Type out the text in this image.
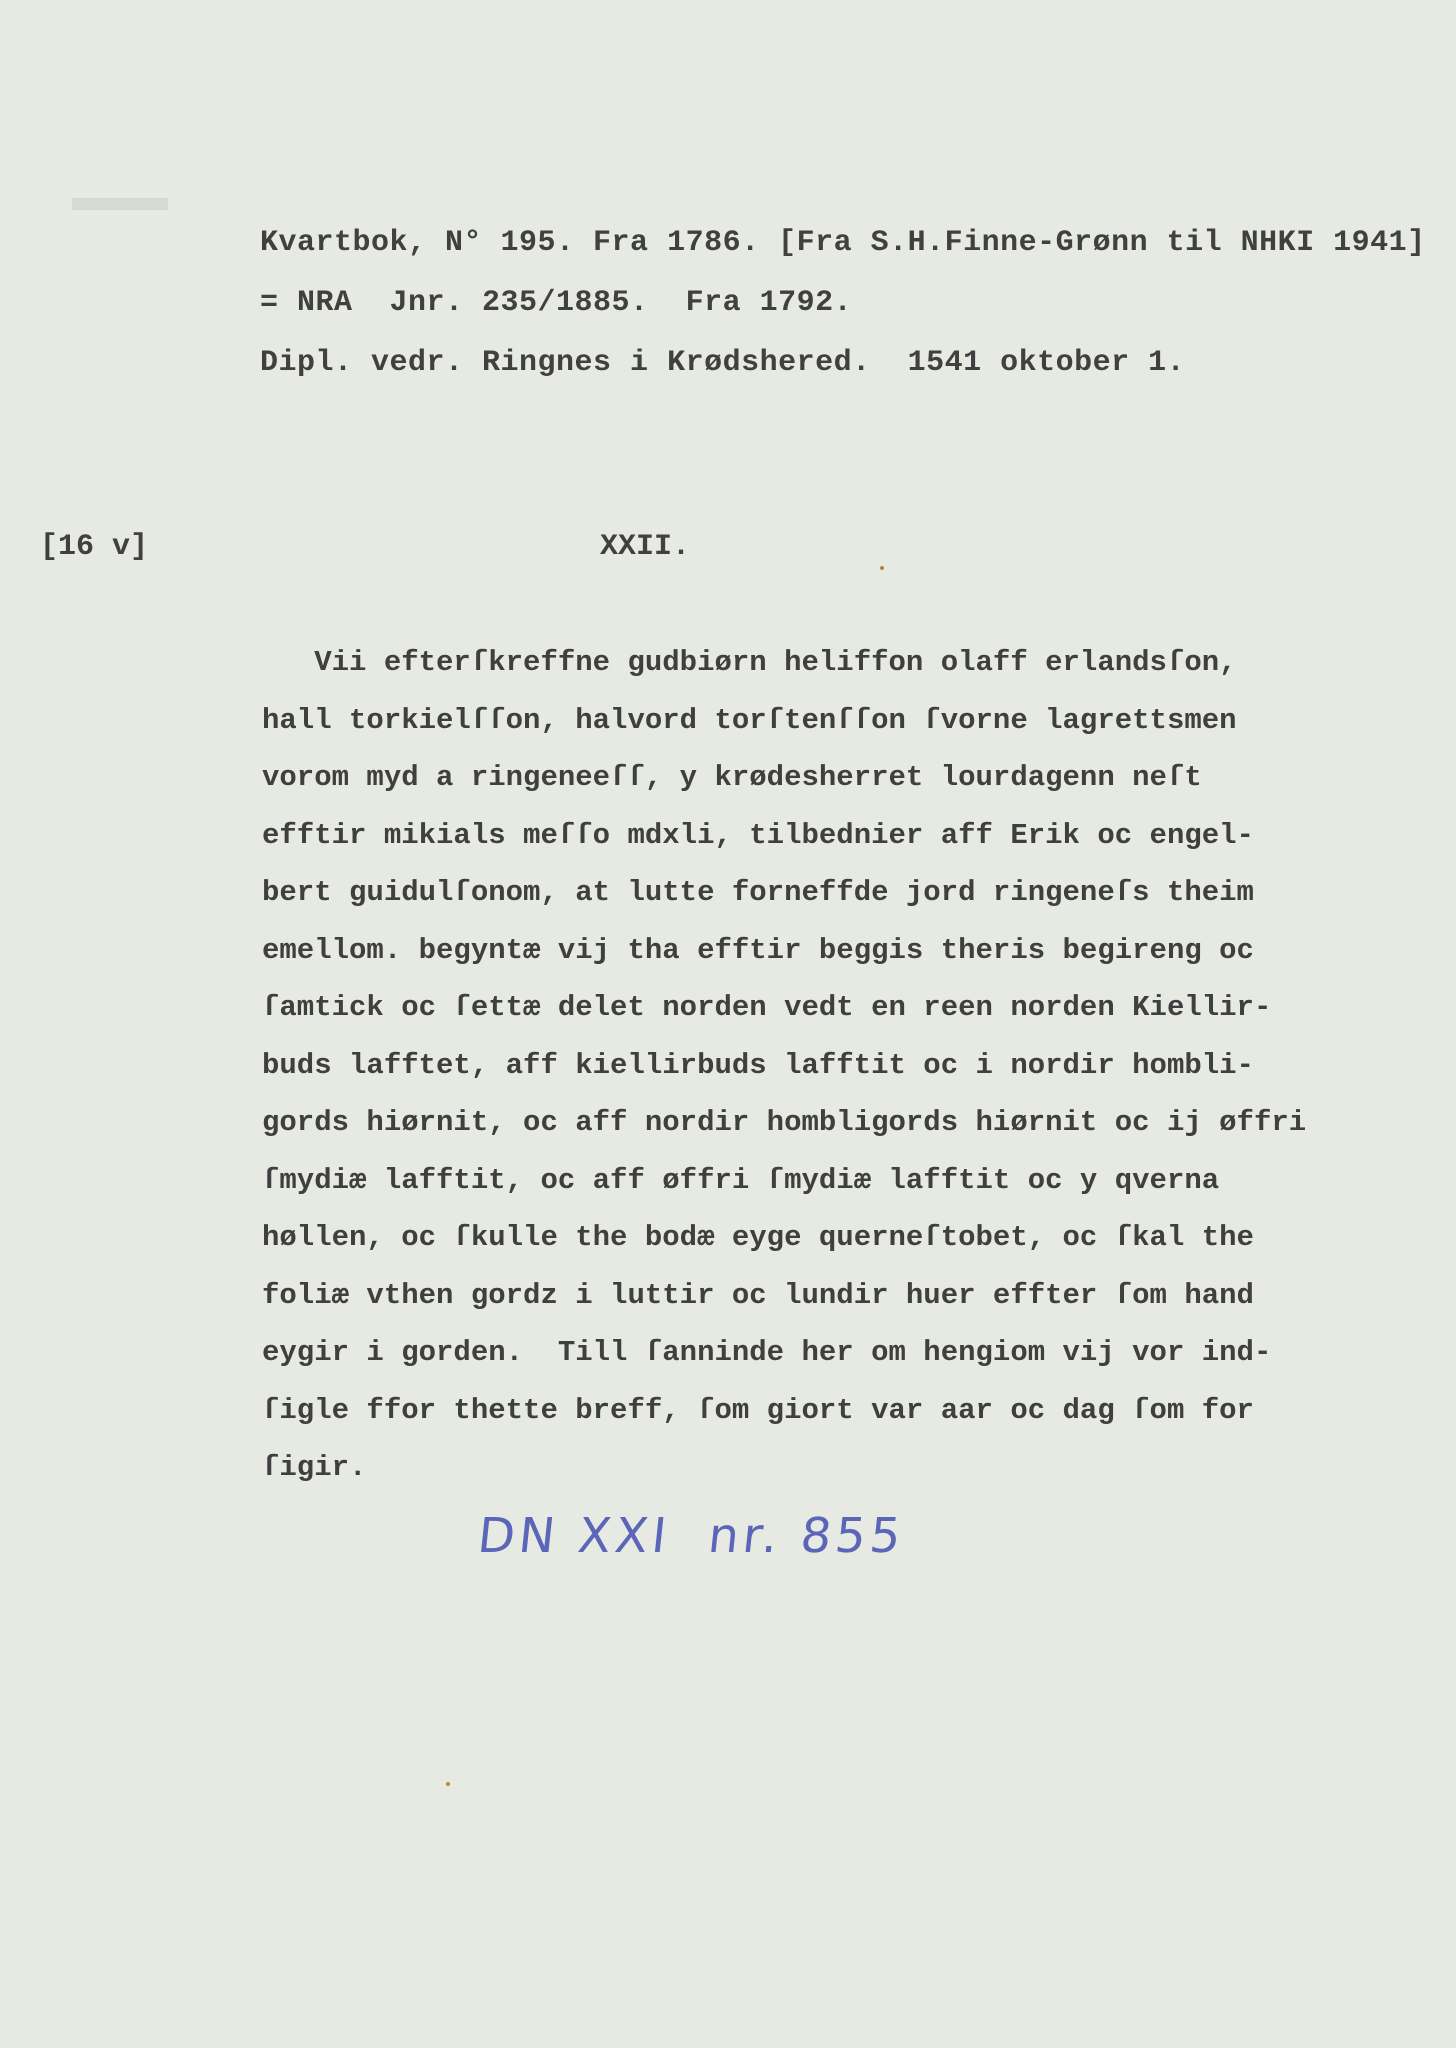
Kvartbok, N° 195. Fra 1786. [Fra S.H.Finne-Grønn til NHKI 1941]
= NRA  Jnr. 235/1885.  Fra 1792.
Dipl. vedr. Ringnes i Krødshered.  1541 oktober 1.
[16 v]	XXII.
Vii efterſkreffne gudbiørn heliffon olaff erlandsſon,
hall torkielſſon, halvord torſtenſſon ſvorne lagrettsmen
vorom myd a ringeneeſſ, y krødesherret lourdagenn neſt
efftir mikials meſſo mdxli, tilbednier aff Erik oc engel-
bert guidulſonom, at lutte forneffde jord ringeneſs theim
emellom. begyntæ vij tha efftir beggis theris begireng oc
ſamtick oc ſettæ delet norden vedt en reen norden Kiellir-
buds lafftet, aff kiellirbuds lafftit oc i nordir hombli-
gords hiørnit, oc aff nordir hombligords hiørnit oc ij øffri
ſmydiæ lafftit, oc aff øffri ſmydiæ lafftit oc y qverna
høllen, oc ſkulle the bodæ eyge querneſtobet, oc ſkal the
foliæ vthen gordz i luttir oc lundir huer effter ſom hand
eygir i gorden.  Till ſanninde her om hengiom vij vor ind-
ſigle ffor thette breff, ſom giort var aar oc dag ſom for
ſigir.
DN XXI  nr. 855
